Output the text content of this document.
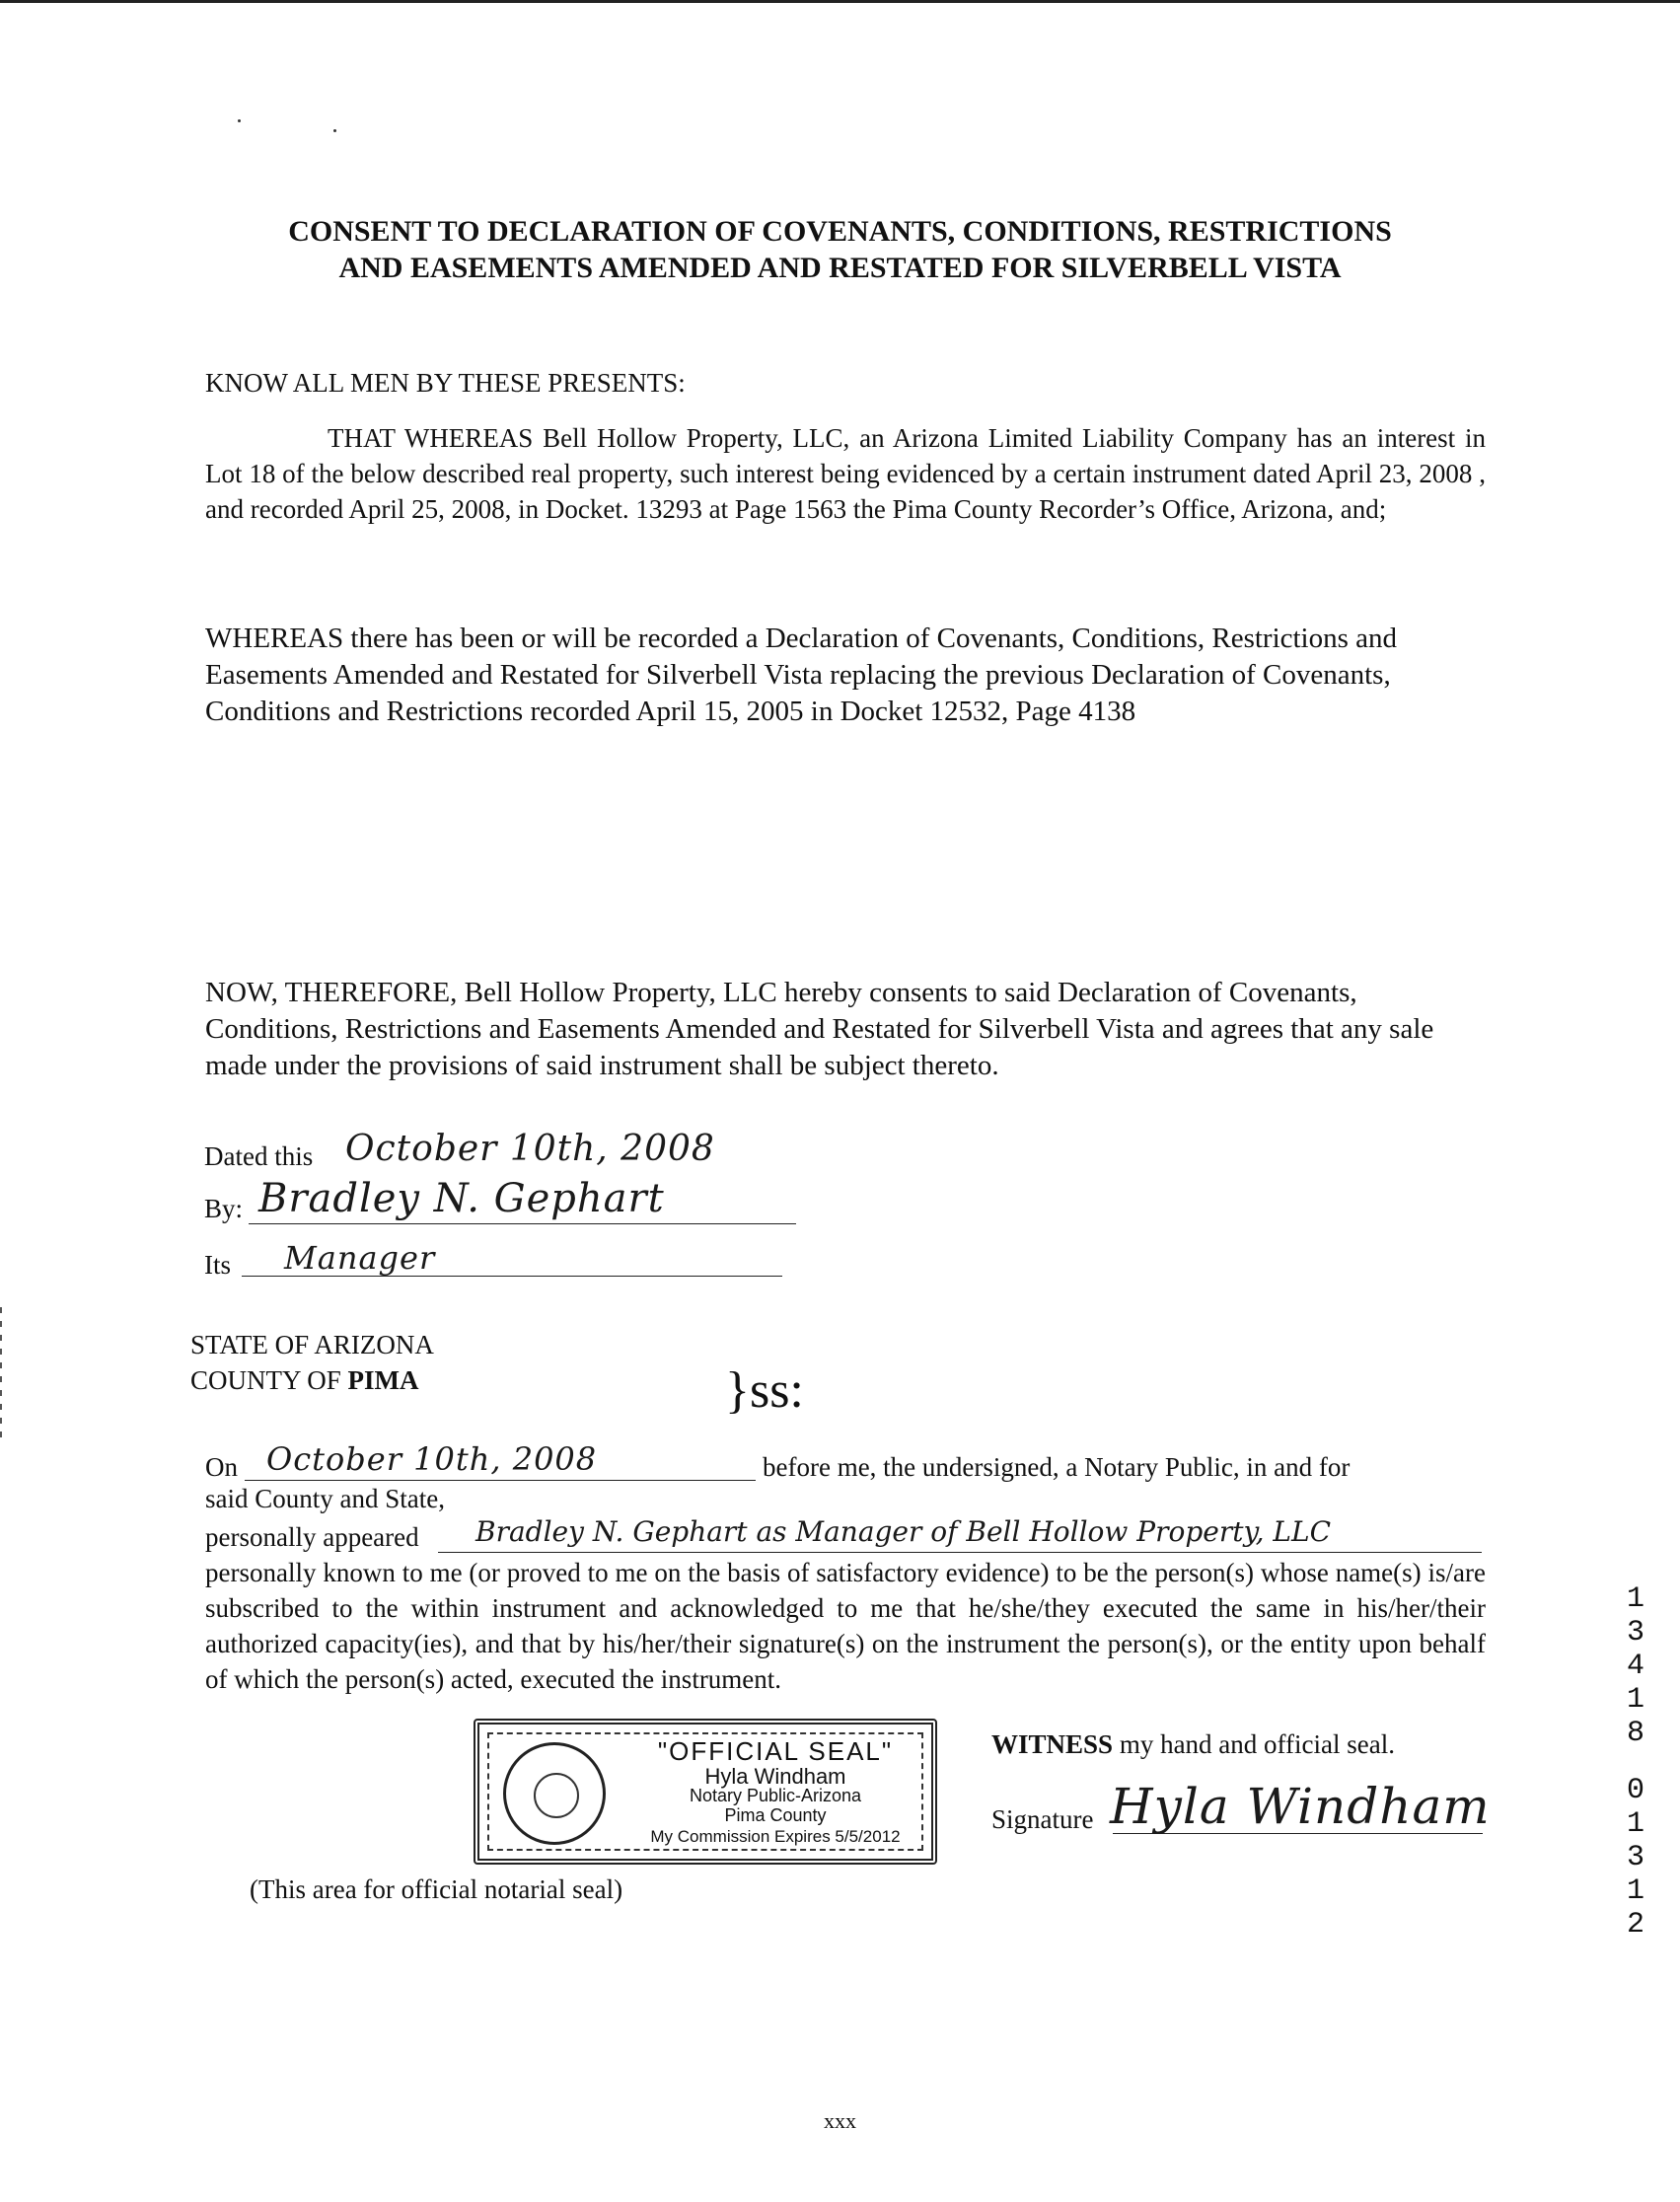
CONSENT TO DECLARATION OF COVENANTS, CONDITIONS, RESTRICTIONS
AND EASEMENTS AMENDED AND RESTATED FOR SILVERBELL VISTA
KNOW ALL MEN BY THESE PRESENTS:
THAT WHEREAS Bell Hollow Property, LLC, an Arizona Limited Liability Company has an interest in Lot 18 of the below described real property, such interest being evidenced by a certain instrument dated April 23, 2008 , and recorded April 25, 2008, in Docket. 13293 at Page 1563 the Pima County Recorder’s Office, Arizona, and;
WHEREAS there has been or will be recorded a Declaration of Covenants, Conditions, Restrictions and Easements Amended and Restated for Silverbell Vista replacing the previous Declaration of Covenants, Conditions and Restrictions recorded April 15, 2005 in Docket 12532, Page 4138
NOW, THEREFORE, Bell Hollow Property, LLC hereby consents to said Declaration of Covenants, Conditions, Restrictions and Easements Amended and Restated for Silverbell Vista and agrees that any sale made under the provisions of said instrument shall be subject thereto.
Dated this October 10th, 2008
By: Bradley N. Gephart
Its Manager
STATE OF ARIZONA
COUNTY OF PIMA	}ss:
On October 10th, 2008	before me, the undersigned, a Notary Public, in and for
said County and State,
personally appeared Bradley N. Gephart as Manager of Bell Hollow Property, LLC
personally known to me (or proved to me on the basis of satisfactory evidence) to be the person(s) whose name(s) is/are subscribed to the within instrument and acknowledged to me that he/she/they executed the same in his/her/their authorized capacity(ies), and that by his/her/their signature(s) on the instrument the person(s), or the entity upon behalf of which the person(s) acted, executed the instrument.
"OFFICIAL SEAL"
Hyla Windham
Notary Public-Arizona
Pima County
My Commission Expires 5/5/2012
(This area for official notarial seal)
WITNESS my hand and official seal.
Signature Hyla Windham
1
3
4
1
8
0
1
3
1
2
xxx
